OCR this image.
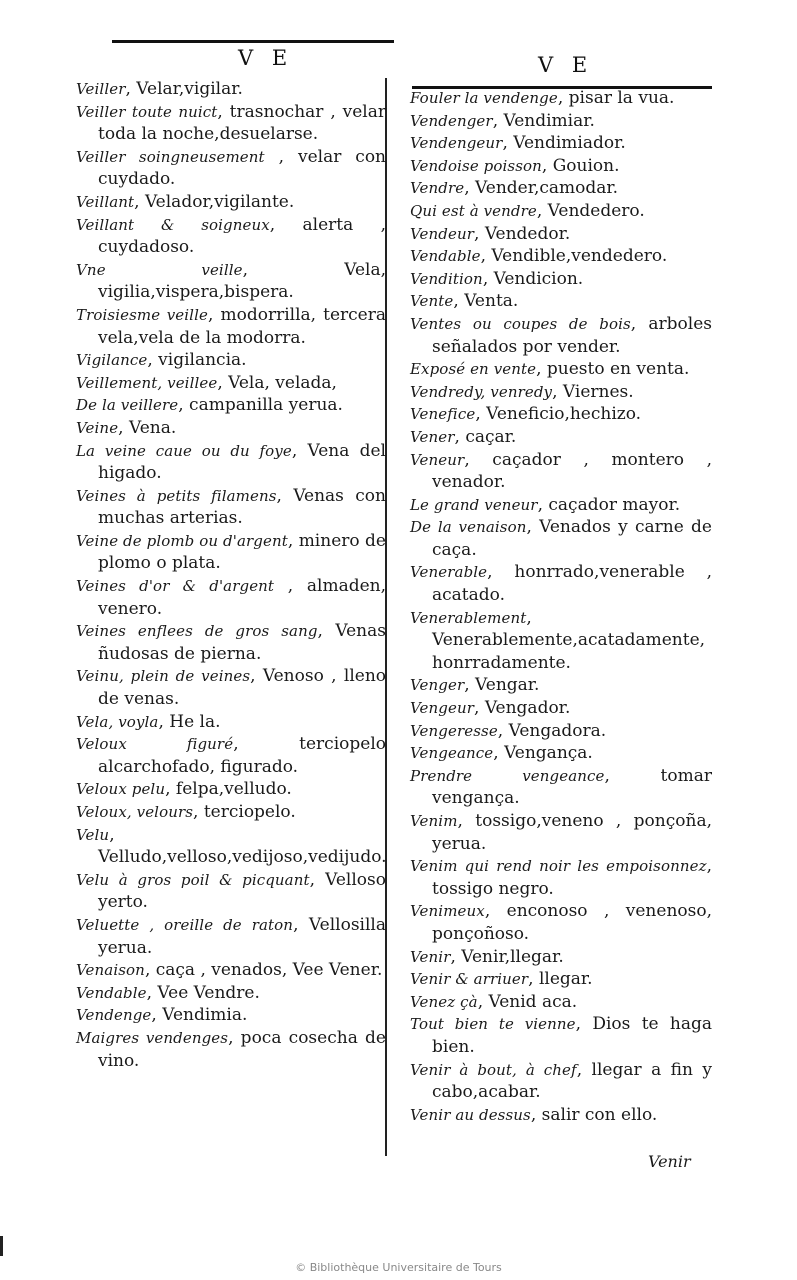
V E	V E

Veiller, Velar,vigilar.

Veiller toute nuict, trasnochar , velar toda la noche,desuelarse.

Veiller soingneusement , velar con cuydado.

Veillant, Velador,vigilante.

Veillant & soigneux, alerta , cuydadoso.

Vne veille, Vela, vigilia,vispera,bispera.

Troisiesme veille, modorrilla, tercera vela,vela de la modorra.

Vigilance, vigilancia.

Veillement, veillee, Vela, velada,

De la veillere, campanilla yerua.

Veine, Vena.

La veine caue ou du foye, Vena del higado.

Veines à petits filamens, Venas con muchas arterias.

Veine de plomb ou d'argent, minero de plomo o plata.

Veines d'or & d'argent , almaden, venero.

Veines enflees de gros sang, Venas ñudosas de pierna.

Veinu, plein de veines, Venoso , lleno de venas.

Vela, voyla, He la.

Veloux figuré, terciopelo alcarchofado, figurado.

Veloux pelu, felpa,velludo.

Veloux, velours, terciopelo.

Velu, Velludo,velloso,vedijoso,vedijudo.

Velu à gros poil & picquant, Velloso yerto.

Veluette , oreille de raton, Vellosilla yerua.

Venaison, caça , venados, Vee Vener.

Vendable, Vee Vendre.

Vendenge, Vendimia.

Maigres vendenges, poca cosecha de vino.

Fouler la vendenge, pisar la vua.

Vendenger, Vendimiar.

Vendengeur, Vendimiador.

Vendoise poisson, Gouion.

Vendre, Vender,camodar.

Qui est à vendre, Vendedero.

Vendeur, Vendedor.

Vendable, Vendible,vendedero.

Vendition, Vendicion.

Vente, Venta.

Ventes ou coupes de bois, arboles señalados por vender.

Exposé en vente, puesto en venta.

Vendredy, venredy, Viernes.

Venefice, Veneficio,hechizo.

Vener, caçar.

Veneur, caçador , montero , venador.

Le grand veneur, caçador mayor.

De la venaison, Venados y carne de caça.

Venerable, honrrado,venerable , acatado.

Venerablement, Venerablemente,acatadamente, honrradamente.

Venger, Vengar.

Vengeur, Vengador.

Vengeresse, Vengadora.

Vengeance, Vengança.

Prendre vengeance, tomar vengança.

Venim, tossigo,veneno , ponçoña, yerua.

Venim qui rend noir les empoisonnez, tossigo negro.

Venimeux, enconoso , venenoso, ponçoñoso.

Venir, Venir,llegar.

Venir & arriuer, llegar.

Venez çà, Venid aca.

Tout bien te vienne, Dios te haga bien.

Venir à bout, à chef, llegar a fin y cabo,acabar.

Venir au dessus, salir con ello.

Venir
© Bibliothèque Universitaire de Tours
